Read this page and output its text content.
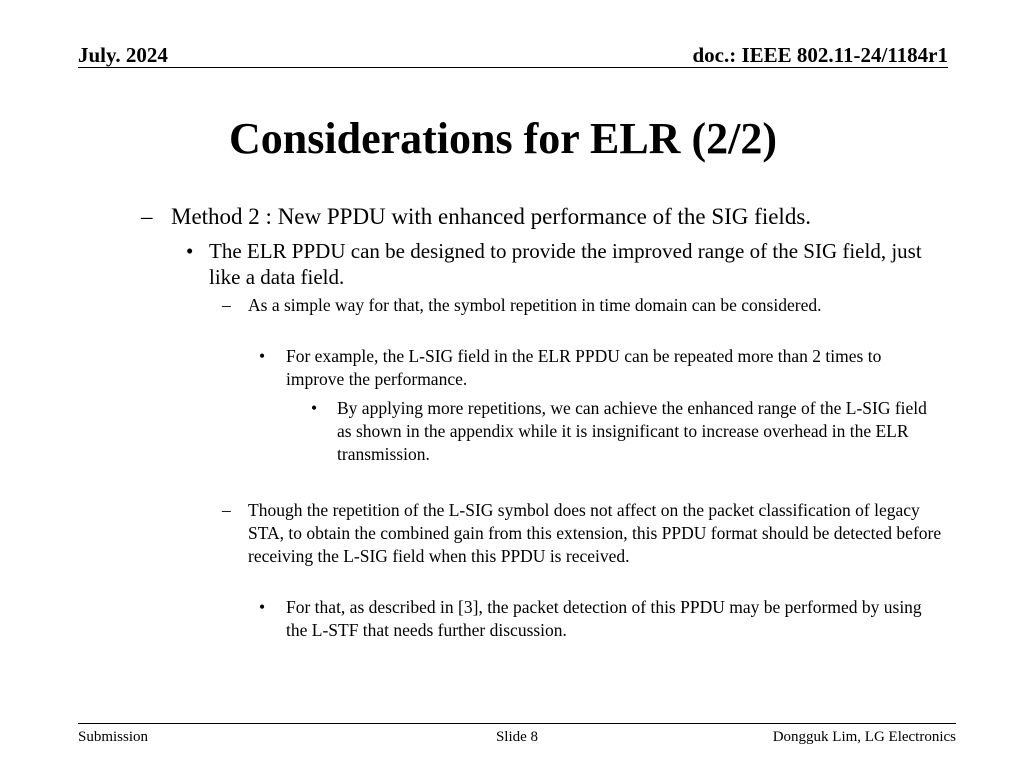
July. 2024	doc.: IEEE 802.11-24/1184r1
Considerations for ELR (2/2)
– Method 2 : New PPDU with enhanced performance of the SIG fields.
• The ELR PPDU can be designed to provide the improved range of the SIG field, just like a data field.
– As a simple way for that, the symbol repetition in time domain can be considered.
•	For example, the L-SIG field in the ELR PPDU can be repeated more than 2 times to improve the performance.
•	By applying more repetitions, we can achieve the enhanced range of the L-SIG field as shown in the appendix while it is insignificant to increase overhead in the ELR transmission.
– Though the repetition of the L-SIG symbol does not affect on the packet classification of legacy STA, to obtain the combined gain from this extension, this PPDU format should be detected before receiving the L-SIG field when this PPDU is received.
•	For that, as described in [3], the packet detection of this PPDU may be performed by using the L-STF that needs further discussion.
Submission	Slide 8	Dongguk Lim, LG Electronics
